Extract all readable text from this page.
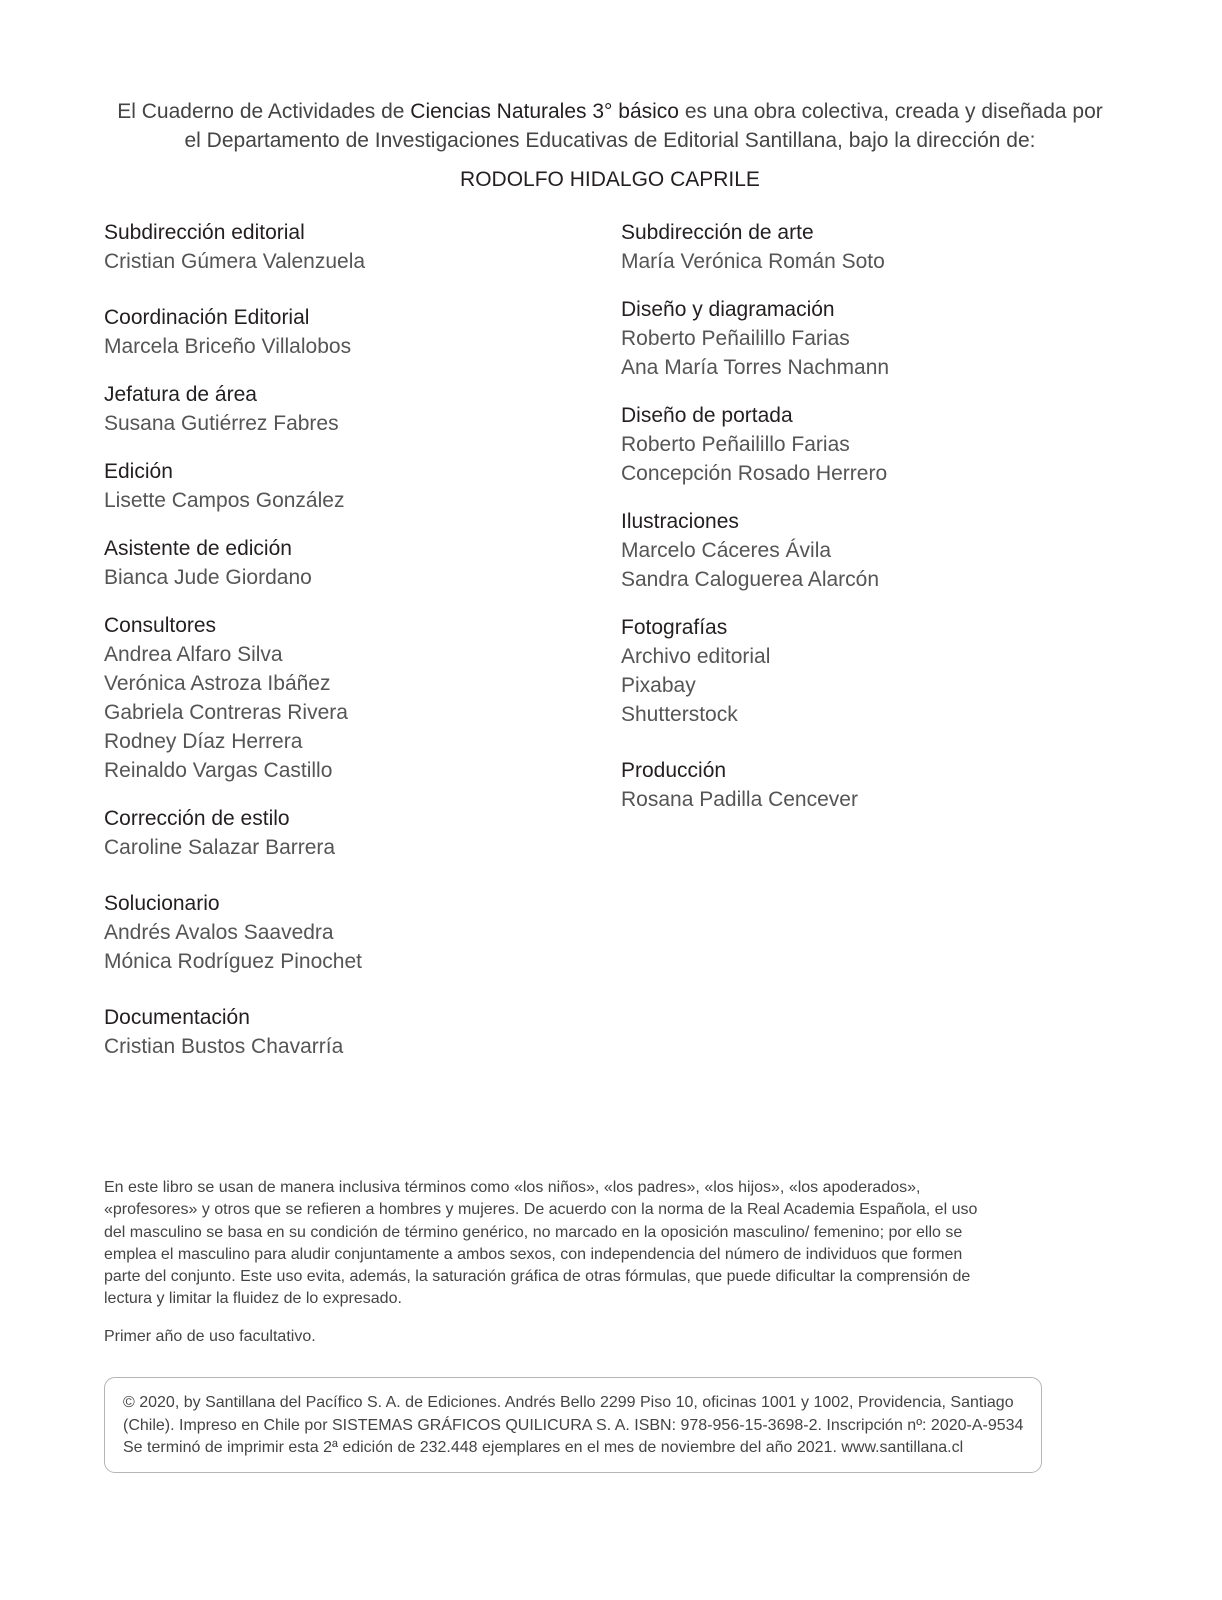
El Cuaderno de Actividades de Ciencias Naturales 3° básico es una obra colectiva, creada y diseñada por
el Departamento de Investigaciones Educativas de Editorial Santillana, bajo la dirección de:
RODOLFO HIDALGO CAPRILE
Subdirección editorial
Cristian Gúmera Valenzuela
Coordinación Editorial
Marcela Briceño Villalobos
Jefatura de área
Susana Gutiérrez Fabres
Edición
Lisette Campos González
Asistente de edición
Bianca Jude Giordano
Consultores
Andrea Alfaro Silva
Verónica Astroza Ibáñez
Gabriela Contreras Rivera
Rodney Díaz Herrera
Reinaldo Vargas Castillo
Corrección de estilo
Caroline Salazar Barrera
Solucionario
Andrés Avalos Saavedra
Mónica Rodríguez Pinochet
Documentación
Cristian Bustos Chavarría
Subdirección de arte
María Verónica Román Soto
Diseño y diagramación
Roberto Peñailillo Farias
Ana María Torres Nachmann
Diseño de portada
Roberto Peñailillo Farias
Concepción Rosado Herrero
Ilustraciones
Marcelo Cáceres Ávila
Sandra Caloguerea Alarcón
Fotografías
Archivo editorial
Pixabay
Shutterstock
Producción
Rosana Padilla Cencever
En este libro se usan de manera inclusiva términos como «los niños», «los padres», «los hijos», «los apoderados», «profesores» y otros que se refieren a hombres y mujeres. De acuerdo con la norma de la Real Academia Española, el uso del masculino se basa en su condición de término genérico, no marcado en la oposición masculino/ femenino; por ello se emplea el masculino para aludir conjuntamente a ambos sexos, con independencia del número de individuos que formen parte del conjunto. Este uso evita, además, la saturación gráfica de otras fórmulas, que puede dificultar la comprensión de lectura y limitar la fluidez de lo expresado.
Primer año de uso facultativo.
© 2020, by Santillana del Pacífico S. A. de Ediciones. Andrés Bello 2299 Piso 10, oficinas 1001 y 1002, Providencia, Santiago
(Chile). Impreso en Chile por SISTEMAS GRÁFICOS QUILICURA S. A. ISBN: 978-956-15-3698-2. Inscripción nº: 2020-A-9534
Se terminó de imprimir esta 2ª edición de 232.448 ejemplares en el mes de noviembre del año 2021. www.santillana.cl
